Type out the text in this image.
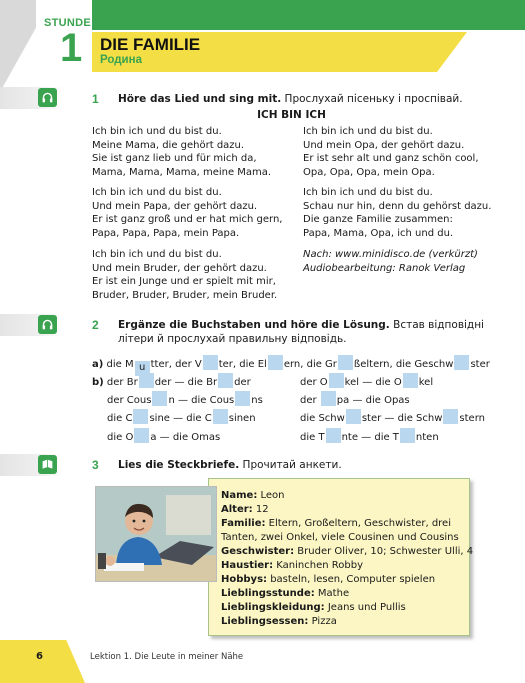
STUNDE
1 DIE FAMILIE
Родина
1 Höre das Lied und sing mit. Прослухай пісеньку і проспівай.
ICH BIN ICH
Ich bin ich und du bist du.
Meine Mama, die gehört dazu.
Sie ist ganz lieb und für mich da,
Mama, Mama, Mama, meine Mama.
Ich bin ich und du bist du.
Und mein Papa, der gehört dazu.
Er ist ganz groß und er hat mich gern,
Papa, Papa, Papa, mein Papa.
Ich bin ich und du bist du.
Und mein Bruder, der gehört dazu.
Er ist ein Junge und er spielt mit mir,
Bruder, Bruder, Bruder, mein Bruder.
Ich bin ich und du bist du.
Und mein Opa, der gehört dazu.
Er ist sehr alt und ganz schön cool,
Opa, Opa, Opa, mein Opa.
Ich bin ich und du bist du.
Schau nur hin, denn du gehörst dazu.
Die ganze Familie zusammen:
Papa, Mama, Opa, ich und du.
Nach: www.minidisco.de (verkürzt)
Audiobearbeitung: Ranok Verlag
2 Ergänze die Buchstaben und höre die Lösung. Встав відповідні
літери й прослухай правильну відповідь.
a) die M u tter, der V ter, die El ern, die Gr ßeltern, die Geschw ster
b) der Br der — die Br der
der Cous n — die Cous ns
die C sine — die C sinen
die O a — die Omas
der O kel — die O kel
der pa — die Opas
die Schw ster — die Schw stern
die T nte — die T nten
3 Lies die Steckbriefe. Прочитай анкети.
Name: Leon
Alter: 12
Familie: Eltern, Großeltern, Geschwister, drei
Tanten, zwei Onkel, viele Cousinen und Cousins
Geschwister: Bruder Oliver, 10; Schwester Ulli, 4
Haustier: Kaninchen Robby
Hobbys: basteln, lesen, Computer spielen
Lieblingsstunde: Mathe
Lieblingskleidung: Jeans und Pullis
Lieblingsessen: Pizza
6	Lektion 1. Die Leute in meiner Nähe
